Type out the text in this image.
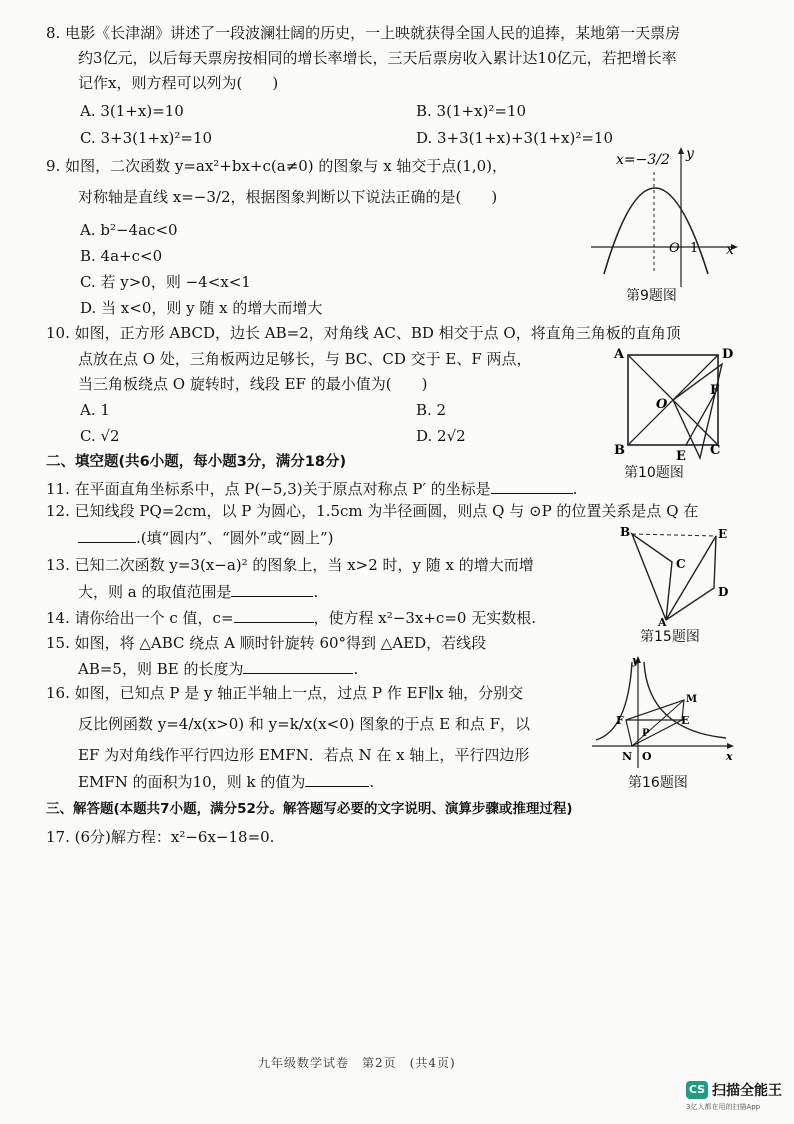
8. 电影《长津湖》讲述了一段波澜壮阔的历史，一上映就获得全国人民的追捧，某地第一天票房
约3亿元，以后每天票房按相同的增长率增长，三天后票房收入累计达10亿元，若把增长率
记作x，则方程可以列为(　　)
A. 3(1+x)=10	B. 3(1+x)²=10
C. 3+3(1+x)²=10	D. 3+3(1+x)+3(1+x)²=10
9. 如图，二次函数 y=ax²+bx+c(a≠0) 的图象与 x 轴交于点(1,0)，
对称轴是直线 x=−3/2，根据图象判断以下说法正确的是(　　)
A. b²−4ac<0
B. 4a+c<0
C. 若 y>0，则 −4<x<1
D. 当 x<0，则 y 随 x 的增大而增大
x=−3/2 y
x
O 1
第9题图
10. 如图，正方形 ABCD，边长 AB=2，对角线 AC、BD 相交于点 O，将直角三角板的直角顶
点放在点 O 处，三角板两边足够长，与 BC、CD 交于 E、F 两点，
当三角板绕点 O 旋转时，线段 EF 的最小值为(　　)
A. 1	B. 2
C. √2	D. 2√2
A	D
O
F
B	E C
第10题图
二、填空题(共6小题，每小题3分，满分18分)
11. 在平面直角坐标系中，点 P(−5,3)关于原点对称点 P′ 的坐标是	.
12. 已知线段 PQ=2cm，以 P 为圆心，1.5cm 为半径画圆，则点 Q 与 ⊙P 的位置关系是点 Q 在
.(填“圆内”、“圆外”或“圆上”)
13. 已知二次函数 y=3(x−a)² 的图象上，当 x>2 时，y 随 x 的增大而增
大，则 a 的取值范围是	.
14. 请你给出一个 c 值，c=	，使方程 x²−3x+c=0 无实数根.
15. 如图，将 △ABC 绕点 A 顺时针旋转 60°得到 △AED，若线段
AB=5，则 BE 的长度为	.
B	E
C
A
D
第15题图
16. 如图，已知点 P 是 y 轴正半轴上一点，过点 P 作 EF∥x 轴，分别交
反比例函数 y=4/x(x>0) 和 y=k/x(x<0) 图象的于点 E 和点 F，以
EF 为对角线作平行四边形 EMFN．若点 N 在 x 轴上，平行四边形
EMFN 的面积为10，则 k 的值为	.
y
x
M
F	E
P
N O
第16题图
三、解答题(本题共7小题，满分52分。解答题写必要的文字说明、演算步骤或推理过程)
17. (6分)解方程：x²−6x−18=0.
九年级数学试卷　第2页　(共4页)
CS 扫描全能王
3亿人都在用的扫描App
